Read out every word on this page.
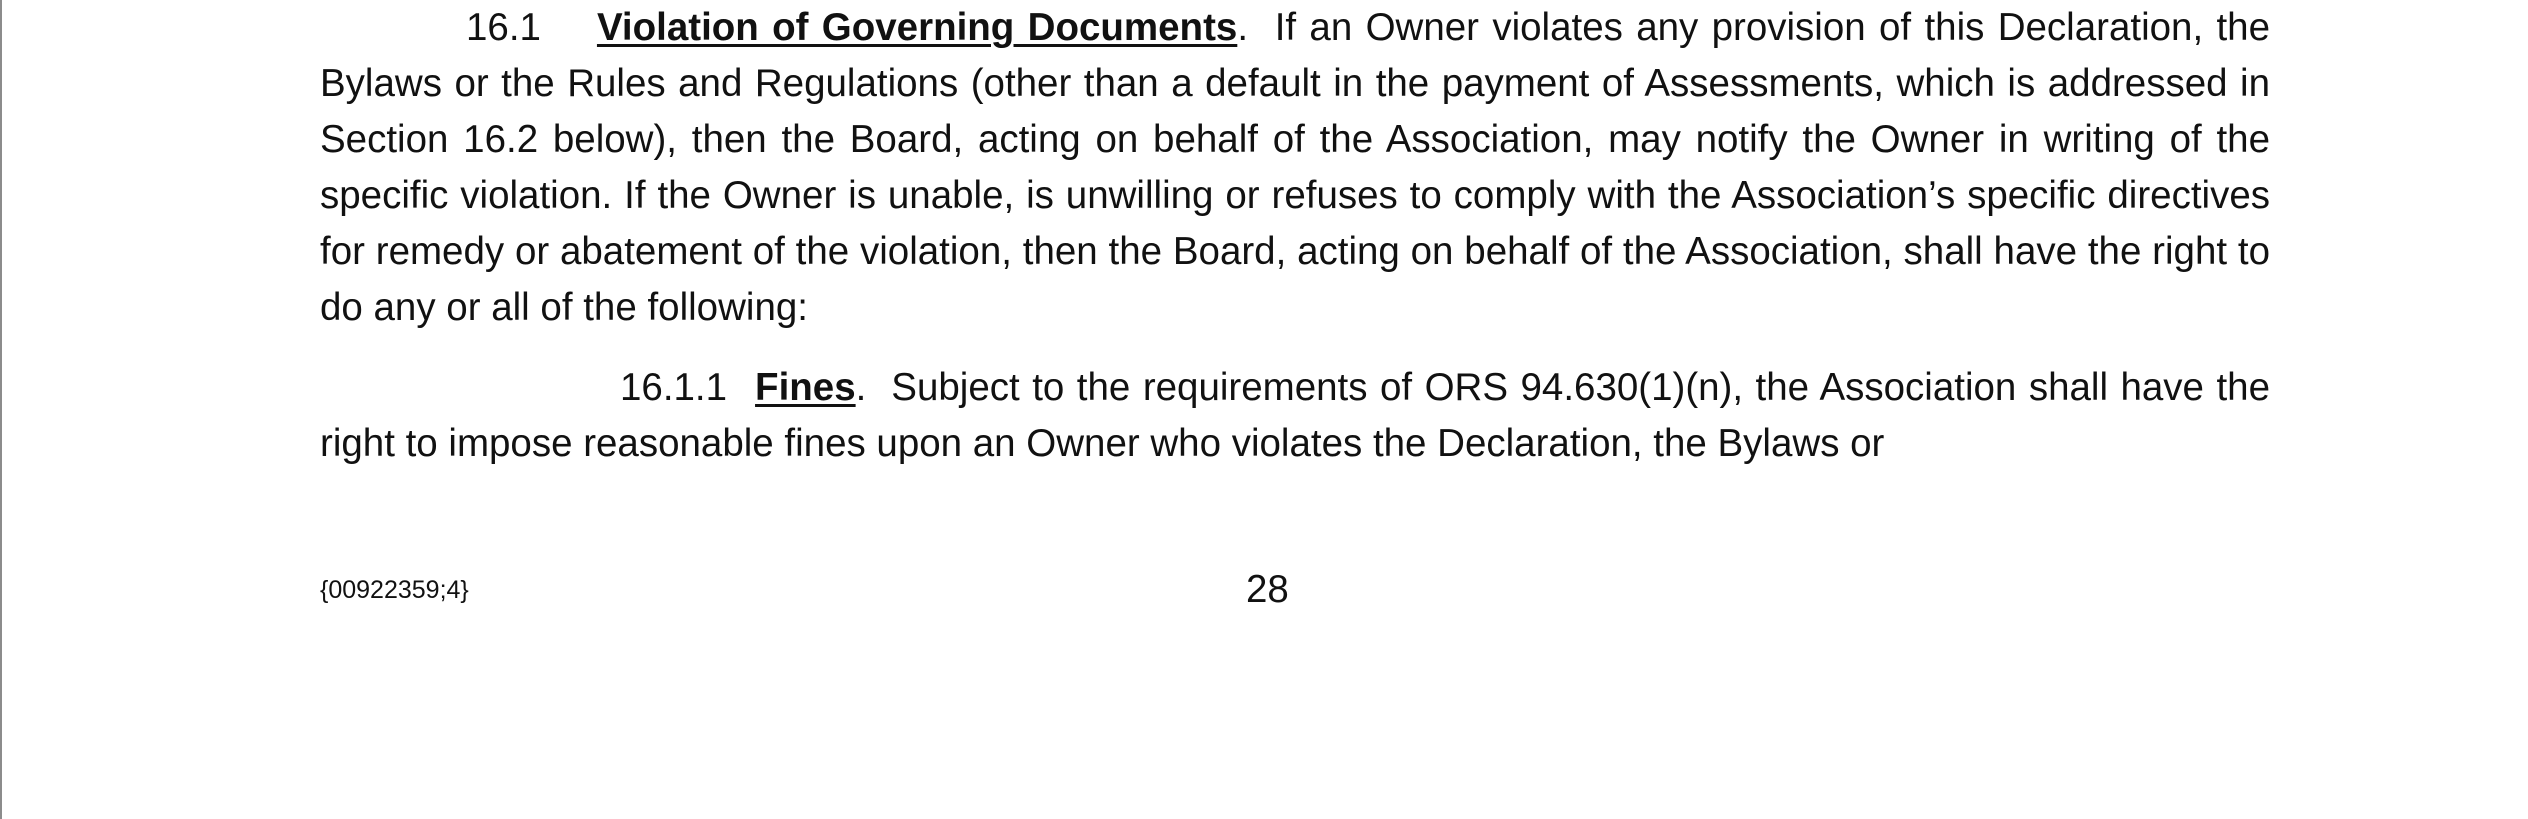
16.1 Violation of Governing Documents. If an Owner violates any provision of this Declaration, the Bylaws or the Rules and Regulations (other than a default in the payment of Assessments, which is addressed in Section 16.2 below), then the Board, acting on behalf of the Association, may notify the Owner in writing of the specific violation. If the Owner is unable, is unwilling or refuses to comply with the Association’s specific directives for remedy or abatement of the violation, then the Board, acting on behalf of the Association, shall have the right to do any or all of the following:

16.1.1 Fines. Subject to the requirements of ORS 94.630(1)(n), the Association shall have the right to impose reasonable fines upon an Owner who violates the Declaration, the Bylaws or

{00922359;4}	28
